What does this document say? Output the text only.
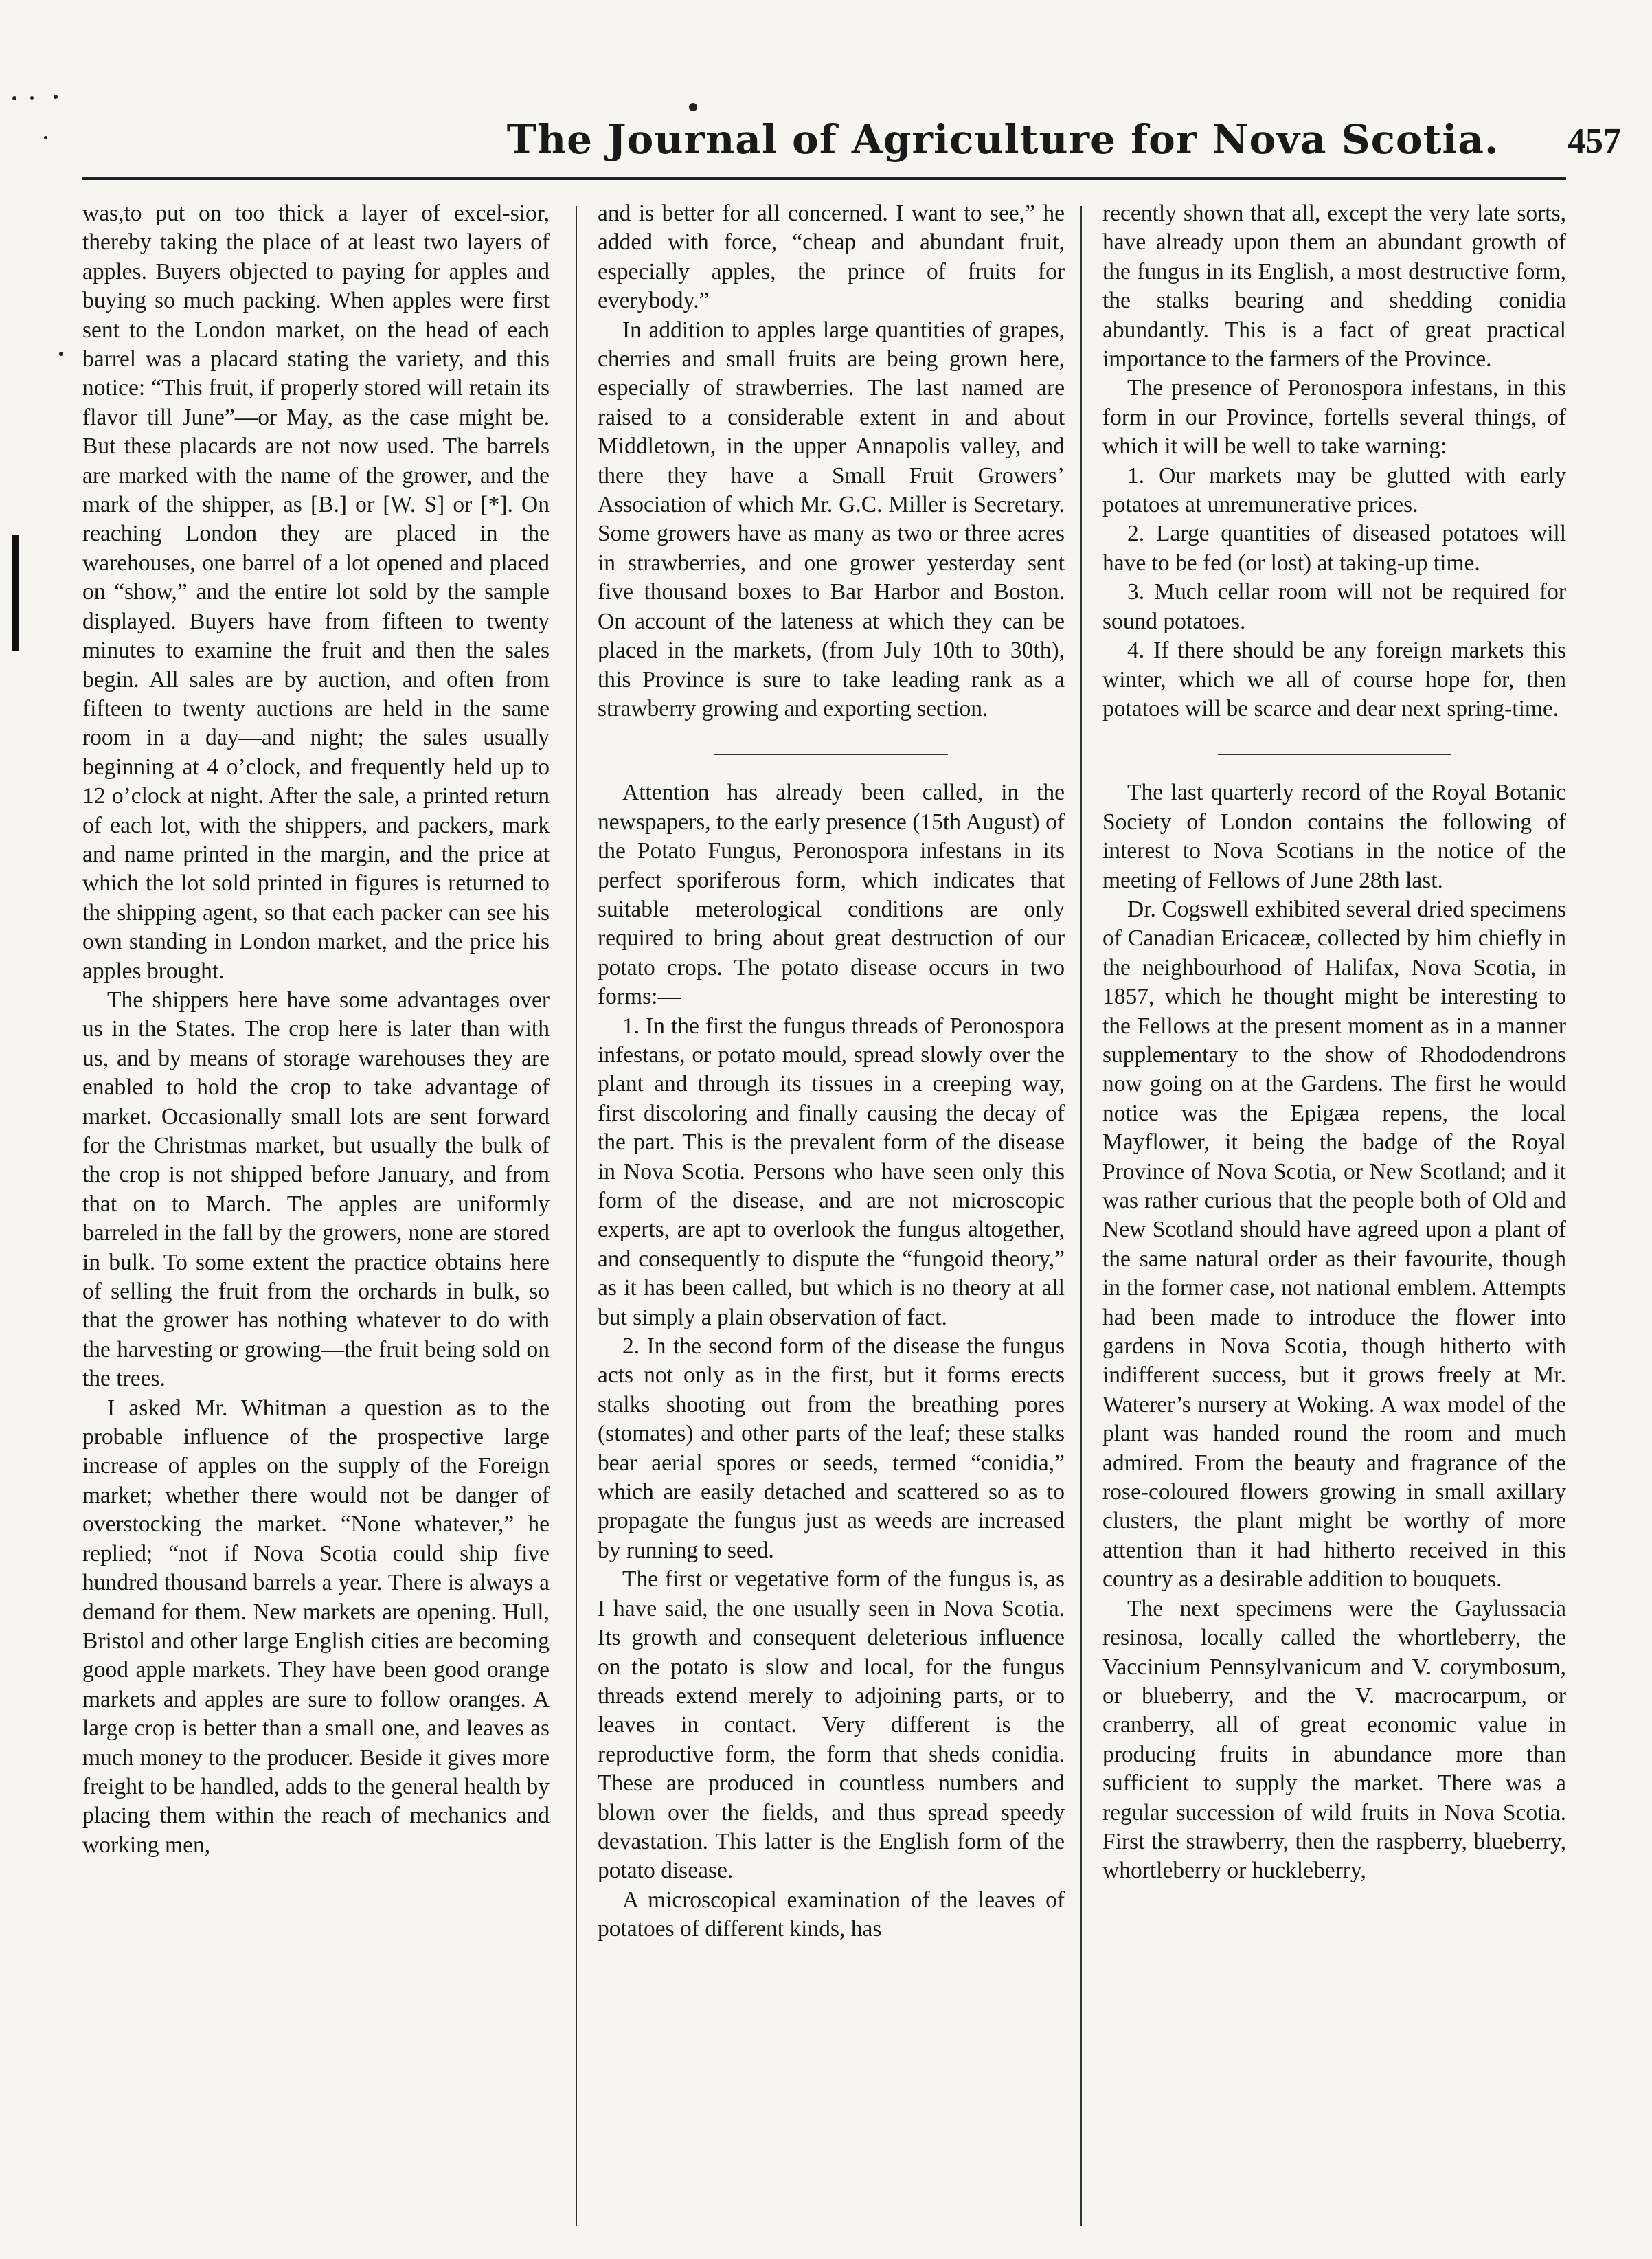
The Journal of Agriculture for Nova Scotia. 457

was,to put on too thick a layer of excel-sior, thereby taking the place of at least two layers of apples. Buyers objected to paying for apples and buying so much packing. When apples were first sent to the London market, on the head of each barrel was a placard stating the variety, and this notice: “This fruit, if properly stored will retain its flavor till June”—or May, as the case might be. But these placards are not now used. The barrels are marked with the name of the grower, and the mark of the shipper, as [B.] or [W. S] or [*]. On reaching London they are placed in the warehouses, one barrel of a lot opened and placed on “show,” and the entire lot sold by the sample displayed. Buyers have from fifteen to twenty minutes to examine the fruit and then the sales begin. All sales are by auction, and often from fifteen to twenty auctions are held in the same room in a day—and night; the sales usually beginning at 4 o’clock, and frequently held up to 12 o’clock at night. After the sale, a printed return of each lot, with the shippers, and packers, mark and name printed in the margin, and the price at which the lot sold printed in figures is returned to the shipping agent, so that each packer can see his own standing in London market, and the price his apples brought.

The shippers here have some advantages over us in the States. The crop here is later than with us, and by means of storage warehouses they are enabled to hold the crop to take advantage of market. Occasionally small lots are sent forward for the Christmas market, but usually the bulk of the crop is not shipped before January, and from that on to March. The apples are uniformly barreled in the fall by the growers, none are stored in bulk. To some extent the practice obtains here of selling the fruit from the orchards in bulk, so that the grower has nothing whatever to do with the harvesting or growing—the fruit being sold on the trees.

I asked Mr. Whitman a question as to the probable influence of the prospective large increase of apples on the supply of the Foreign market; whether there would not be danger of overstocking the market. “None whatever,” he replied; “not if Nova Scotia could ship five hundred thousand barrels a year. There is always a demand for them. New markets are opening. Hull, Bristol and other large English cities are becoming good apple markets. They have been good orange markets and apples are sure to follow oranges. A large crop is better than a small one, and leaves as much money to the producer. Beside it gives more freight to be handled, adds to the general health by placing them within the reach of mechanics and working men,

and is better for all concerned. I want to see,” he added with force, “cheap and abundant fruit, especially apples, the prince of fruits for everybody.”

In addition to apples large quantities of grapes, cherries and small fruits are being grown here, especially of strawberries. The last named are raised to a considerable extent in and about Middletown, in the upper Annapolis valley, and there they have a Small Fruit Growers’ Association of which Mr. G.C. Miller is Secretary. Some growers have as many as two or three acres in strawberries, and one grower yesterday sent five thousand boxes to Bar Harbor and Boston. On account of the lateness at which they can be placed in the markets, (from July 10th to 30th), this Province is sure to take leading rank as a strawberry growing and exporting section.

Attention has already been called, in the newspapers, to the early presence (15th August) of the Potato Fungus, Peronospora infestans in its perfect sporiferous form, which indicates that suitable meterological conditions are only required to bring about great destruction of our potato crops. The potato disease occurs in two forms:—

1. In the first the fungus threads of Peronospora infestans, or potato mould, spread slowly over the plant and through its tissues in a creeping way, first discoloring and finally causing the decay of the part. This is the prevalent form of the disease in Nova Scotia. Persons who have seen only this form of the disease, and are not microscopic experts, are apt to overlook the fungus altogether, and consequently to dispute the “fungoid theory,” as it has been called, but which is no theory at all but simply a plain observation of fact.

2. In the second form of the disease the fungus acts not only as in the first, but it forms erects stalks shooting out from the breathing pores (stomates) and other parts of the leaf; these stalks bear aerial spores or seeds, termed “conidia,” which are easily detached and scattered so as to propagate the fungus just as weeds are increased by running to seed.

The first or vegetative form of the fungus is, as I have said, the one usually seen in Nova Scotia. Its growth and consequent deleterious influence on the potato is slow and local, for the fungus threads extend merely to adjoining parts, or to leaves in contact. Very different is the reproductive form, the form that sheds conidia. These are produced in countless numbers and blown over the fields, and thus spread speedy devastation. This latter is the English form of the potato disease.

A microscopical examination of the leaves of potatoes of different kinds, has

recently shown that all, except the very late sorts, have already upon them an abundant growth of the fungus in its English, a most destructive form, the stalks bearing and shedding conidia abundantly. This is a fact of great practical importance to the farmers of the Province.

The presence of Peronospora infestans, in this form in our Province, fortells several things, of which it will be well to take warning:

1. Our markets may be glutted with early potatoes at unremunerative prices.

2. Large quantities of diseased potatoes will have to be fed (or lost) at taking-up time.

3. Much cellar room will not be required for sound potatoes.

4. If there should be any foreign markets this winter, which we all of course hope for, then potatoes will be scarce and dear next spring-time.

The last quarterly record of the Royal Botanic Society of London contains the following of interest to Nova Scotians in the notice of the meeting of Fellows of June 28th last.

Dr. Cogswell exhibited several dried specimens of Canadian Ericaceæ, collected by him chiefly in the neighbourhood of Halifax, Nova Scotia, in 1857, which he thought might be interesting to the Fellows at the present moment as in a manner supplementary to the show of Rhododendrons now going on at the Gardens. The first he would notice was the Epigæa repens, the local Mayflower, it being the badge of the Royal Province of Nova Scotia, or New Scotland; and it was rather curious that the people both of Old and New Scotland should have agreed upon a plant of the same natural order as their favourite, though in the former case, not national emblem. Attempts had been made to introduce the flower into gardens in Nova Scotia, though hitherto with indifferent success, but it grows freely at Mr. Waterer’s nursery at Woking. A wax model of the plant was handed round the room and much admired. From the beauty and fragrance of the rose-coloured flowers growing in small axillary clusters, the plant might be worthy of more attention than it had hitherto received in this country as a desirable addition to bouquets.

The next specimens were the Gaylussacia resinosa, locally called the whortleberry, the Vaccinium Pennsylvanicum and V. corymbosum, or blueberry, and the V. macrocarpum, or cranberry, all of great economic value in producing fruits in abundance more than sufficient to supply the market. There was a regular succession of wild fruits in Nova Scotia. First the strawberry, then the raspberry, blueberry, whortleberry or huckleberry,
